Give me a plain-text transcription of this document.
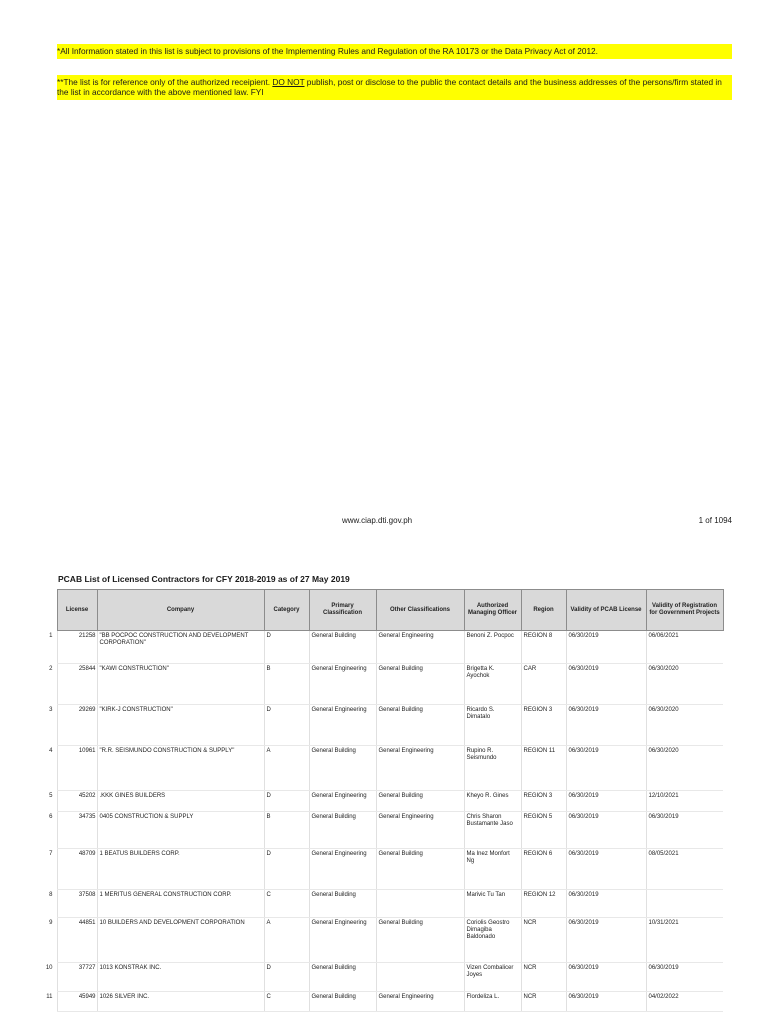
*All Information stated in this list is subject to provisions of the Implementing Rules and Regulation of the RA 10173 or the Data Privacy Act of 2012.
**The list is for reference only of the authorized receipient. DO NOT publish, post or disclose to the public the contact details and the business addresses of the persons/firm stated in the list in accordance with the above mentioned law. FYI
www.ciap.dti.gov.ph	1 of 1094
PCAB List of Licensed Contractors for CFY 2018-2019 as of 27 May 2019
	License	Company	Category	Primary Classification	Other Classifications	Authorized Managing Officer	Region	Validity of PCAB License	Validity of Registration for Government Projects
1	21258	"BB POCPOC CONSTRUCTION AND DEVELOPMENT CORPORATION"	D	General Building	General Engineering	Benoni Z. Pocpoc	REGION 8	06/30/2019	06/06/2021
2	25844	"KAWI CONSTRUCTION"	B	General Engineering	General Building	Brigetta K. Ayochok	CAR	06/30/2019	06/30/2020
3	29269	"KIRK-J CONSTRUCTION"	D	General Engineering	General Building	Ricardo S. Dimatalo	REGION 3	06/30/2019	06/30/2020
4	10961	"R.R. SEISMUNDO CONSTRUCTION & SUPPLY"	A	General Building	General Engineering	Rupino R. Seismundo	REGION 11	06/30/2019	06/30/2020
5	45202	.KKK GINES BUILDERS	D	General Engineering	General Building	Kheyo R. Gines	REGION 3	06/30/2019	12/10/2021
6	34735	0405 CONSTRUCTION & SUPPLY	B	General Building	General Engineering	Chris Sharon Bustamante Jaso	REGION 5	06/30/2019	06/30/2019
7	48709	1 BEATUS BUILDERS CORP.	D	General Engineering	General Building	Ma Inez Monfort Ng	REGION 6	06/30/2019	08/05/2021
8	37508	1 MERITUS GENERAL CONSTRUCTION CORP.	C	General Building		Marivic Tu Tan	REGION 12	06/30/2019	
9	44851	10 BUILDERS AND DEVELOPMENT CORPORATION	A	General Engineering	General Building	Coriolis Geostro Dimagiba Baldonado	NCR	06/30/2019	10/31/2021
10	37727	1013 KONSTRAK INC.	D	General Building		Vizen Combalicer Joyes	NCR	06/30/2019	06/30/2019
11	45949	1026 SILVER INC.	C	General Building	General Engineering	Flordeliza L.	NCR	06/30/2019	04/02/2022
